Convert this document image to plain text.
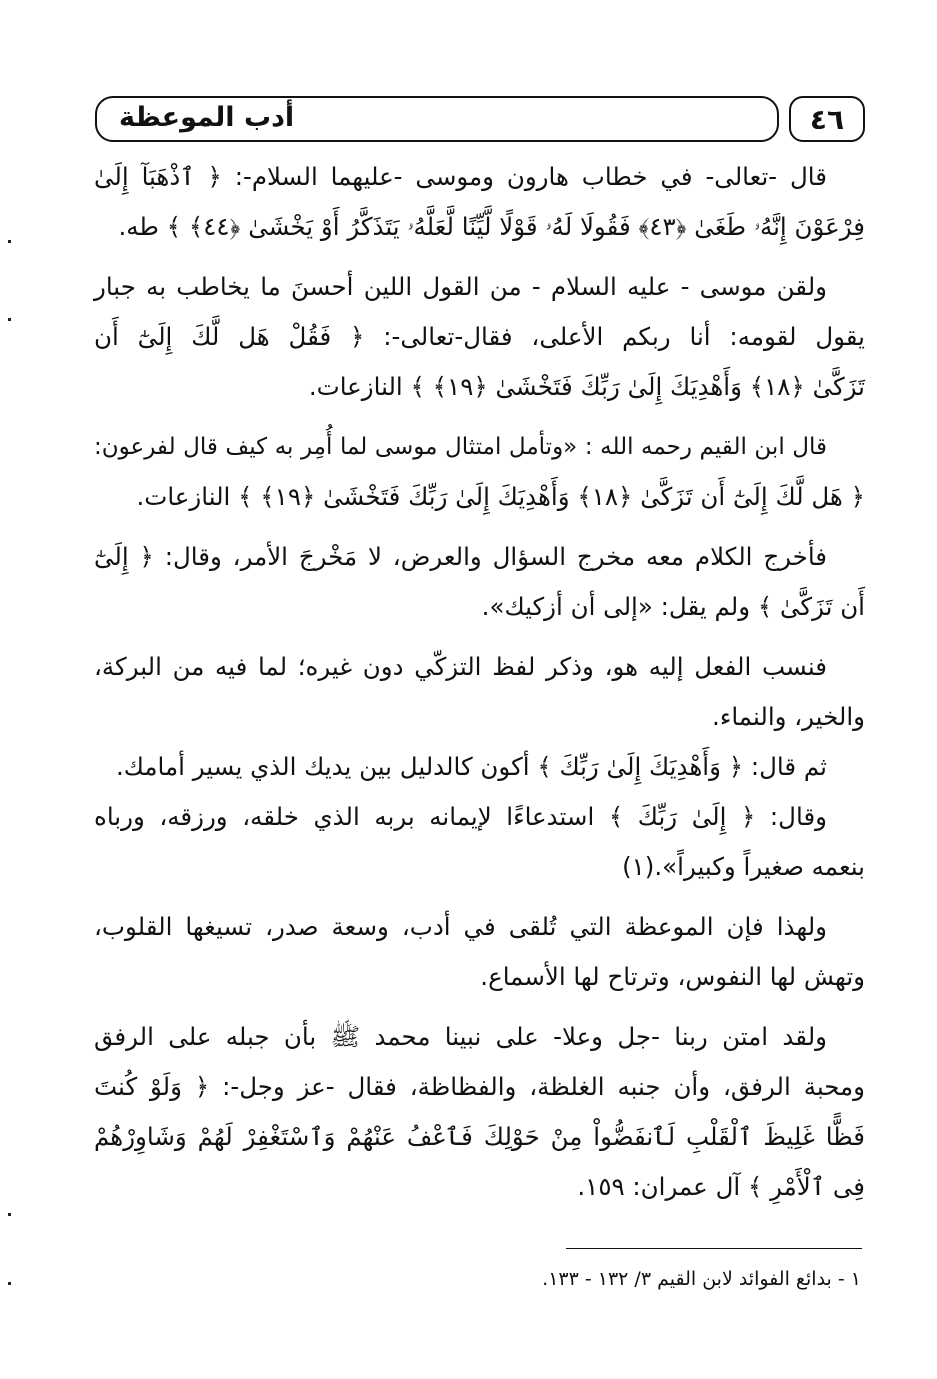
٤٦
أدب الموعظة
قال -تعالى- في خطاب هارون وموسى -عليهما السلام-: ﴿ ٱذْهَبَآ إِلَىٰ
فِرْعَوْنَ إِنَّهُۥ طَغَىٰ ﴿٤٣﴾ فَقُولَا لَهُۥ قَوْلًا لَّيِّنًا لَّعَلَّهُۥ يَتَذَكَّرُ أَوْ يَخْشَىٰ ﴿٤٤﴾ ﴾ طه.
ولقن موسى - عليه السلام - من القول اللين أحسنَ ما يخاطب به جبار
يقول لقومه: أنا ربكم الأعلى، فقال-تعالى-: ﴿ فَقُلْ هَل لَّكَ إِلَىٰٓ أَن
تَزَكَّىٰ ﴿١٨﴾ وَأَهْدِيَكَ إِلَىٰ رَبِّكَ فَتَخْشَىٰ ﴿١٩﴾ ﴾ النازعات.
قال ابن القيم رحمه الله : «وتأمل امتثال موسى لما أُمِر به كيف قال لفرعون:
﴿ هَل لَّكَ إِلَىٰٓ أَن تَزَكَّىٰ ﴿١٨﴾ وَأَهْدِيَكَ إِلَىٰ رَبِّكَ فَتَخْشَىٰ ﴿١٩﴾ ﴾ النازعات.
فأخرج الكلام معه مخرج السؤال والعرض، لا مَخْرجَ الأمر، وقال: ﴿ إِلَىٰٓ
أَن تَزَكَّىٰ ﴾ ولم يقل: «إلى أن أزكيك».
فنسب الفعل إليه هو، وذكر لفظ التزكّي دون غيره؛ لما فيه من البركة،
والخير، والنماء.
ثم قال: ﴿ وَأَهْدِيَكَ إِلَىٰ رَبِّكَ ﴾ أكون كالدليل بين يديك الذي يسير أمامك.
وقال: ﴿ إِلَىٰ رَبِّكَ ﴾ استدعاءًا لإيمانه بربه الذي خلقه، ورزقه، ورباه
بنعمه صغيراً وكبيراً».(١)
ولهذا فإن الموعظة التي تُلقى في أدب، وسعة صدر، تسيغها القلوب،
وتهش لها النفوس، وترتاح لها الأسماع.
ولقد امتن ربنا -جل وعلا- على نبينا محمد ﷺ بأن جبله على الرفق
ومحبة الرفق، وأن جنبه الغلظة، والفظاظة، فقال -عز وجل-: ﴿ وَلَوْ كُنتَ
فَظًّا غَلِيظَ ٱلْقَلْبِ لَٱنفَضُّواْ مِنْ حَوْلِكَ فَٱعْفُ عَنْهُمْ وَٱسْتَغْفِرْ لَهُمْ وَشَاوِرْهُمْ
فِى ٱلْأَمْرِ ﴾ آل عمران: ١٥٩.
١ - بدائع الفوائد لابن القيم ٣/ ١٣٢ - ١٣٣.
